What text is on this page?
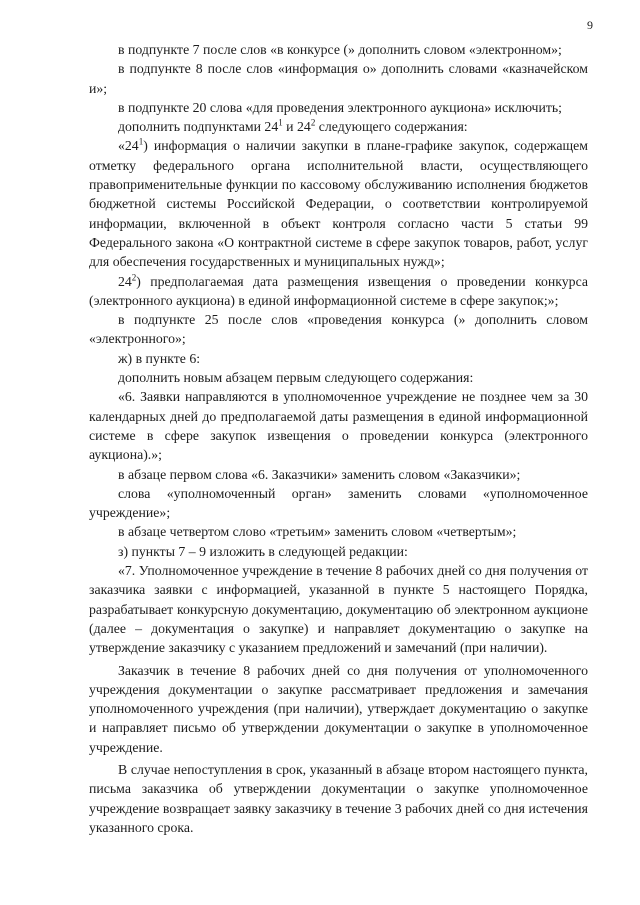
9

в подпункте 7 после слов «в конкурсе (» дополнить словом «электронном»;

в подпункте 8 после слов «информация о» дополнить словами «казначейском и»;

в подпункте 20 слова «для проведения электронного аукциона» исключить;

дополнить подпунктами $24^1$ и $24^2$ следующего содержания:

«$24^1$) информация о наличии закупки в плане-графике закупок, содержащем отметку федерального органа исполнительной власти, осуществляющего правоприменительные функции по кассовому обслуживанию исполнения бюджетов бюджетной системы Российской Федерации, о соответствии контролируемой информации, включенной в объект контроля согласно части 5 статьи 99 Федерального закона «О контрактной системе в сфере закупок товаров, работ, услуг для обеспечения государственных и муниципальных нужд»;

$24^2$) предполагаемая дата размещения извещения о проведении конкурса (электронного аукциона) в единой информационной системе в сфере закупок;»;

в подпункте 25 после слов «проведения конкурса (» дополнить словом «электронного»;

ж) в пункте 6:

дополнить новым абзацем первым следующего содержания:

«6. Заявки направляются в уполномоченное учреждение не позднее чем за 30 календарных дней до предполагаемой даты размещения в единой информационной системе в сфере закупок извещения о проведении конкурса (электронного аукциона).»;

в абзаце первом слова «6. Заказчики» заменить словом «Заказчики»;

слова «уполномоченный орган» заменить словами «уполномоченное учреждение»;

в абзаце четвертом слово «третьим» заменить словом «четвертым»;

з) пункты 7 – 9 изложить в следующей редакции:

«7. Уполномоченное учреждение в течение 8 рабочих дней со дня получения от заказчика заявки с информацией, указанной в пункте 5 настоящего Порядка, разрабатывает конкурсную документацию, документацию об электронном аукционе (далее – документация о закупке) и направляет документацию о закупке на утверждение заказчику с указанием предложений и замечаний (при наличии).

Заказчик в течение 8 рабочих дней со дня получения от уполномоченного учреждения документации о закупке рассматривает предложения и замечания уполномоченного учреждения (при наличии), утверждает документацию о закупке и направляет письмо об утверждении документации о закупке в уполномоченное учреждение.

В случае непоступления в срок, указанный в абзаце втором настоящего пункта, письма заказчика об утверждении документации о закупке уполномоченное учреждение возвращает заявку заказчику в течение 3 рабочих дней со дня истечения указанного срока.
